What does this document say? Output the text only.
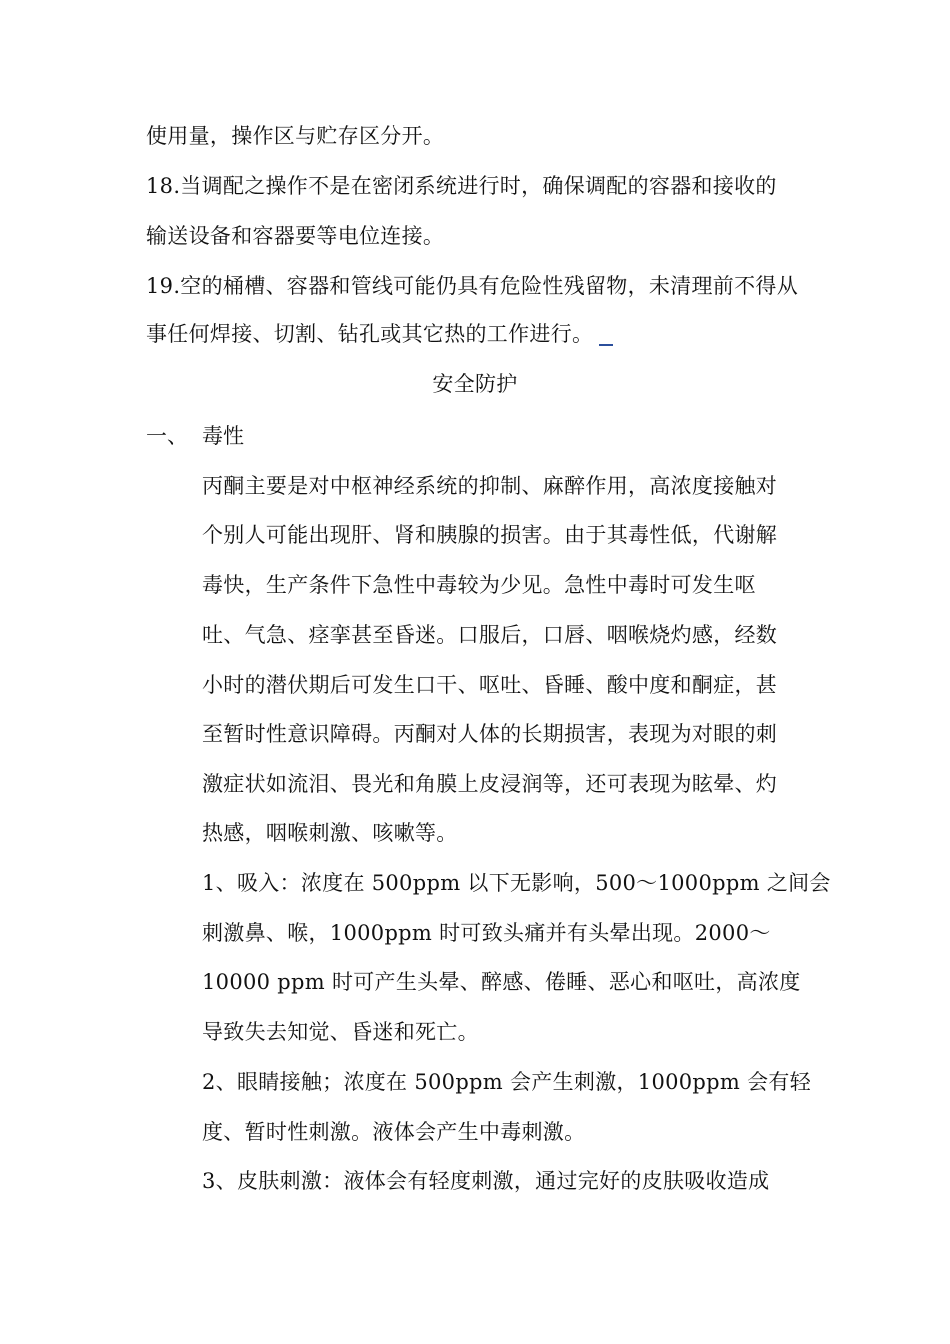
使用量，操作区与贮存区分开。
18.当调配之操作不是在密闭系统进行时，确保调配的容器和接收的
输送设备和容器要等电位连接。
19.空的桶槽、容器和管线可能仍具有危险性残留物，未清理前不得从
事任何焊接、切割、钻孔或其它热的工作进行。
安全防护
一、 毒性
丙酮主要是对中枢神经系统的抑制、麻醉作用，高浓度接触对
个别人可能出现肝、肾和胰腺的损害。由于其毒性低，代谢解
毒快，生产条件下急性中毒较为少见。急性中毒时可发生呕
吐、气急、痉挛甚至昏迷。口服后，口唇、咽喉烧灼感，经数
小时的潜伏期后可发生口干、呕吐、昏睡、酸中度和酮症，甚
至暂时性意识障碍。丙酮对人体的长期损害，表现为对眼的刺
激症状如流泪、畏光和角膜上皮浸润等，还可表现为眩晕、灼
热感，咽喉刺激、咳嗽等。
1、吸入：浓度在 500ppm 以下无影响，500～1000ppm 之间会
刺激鼻、喉，1000ppm 时可致头痛并有头晕出现。2000～
10000 ppm 时可产生头晕、醉感、倦睡、恶心和呕吐，高浓度
导致失去知觉、昏迷和死亡。
2、眼睛接触；浓度在 500ppm 会产生刺激，1000ppm 会有轻
度、暂时性刺激。液体会产生中毒刺激。
3、皮肤刺激：液体会有轻度刺激，通过完好的皮肤吸收造成
